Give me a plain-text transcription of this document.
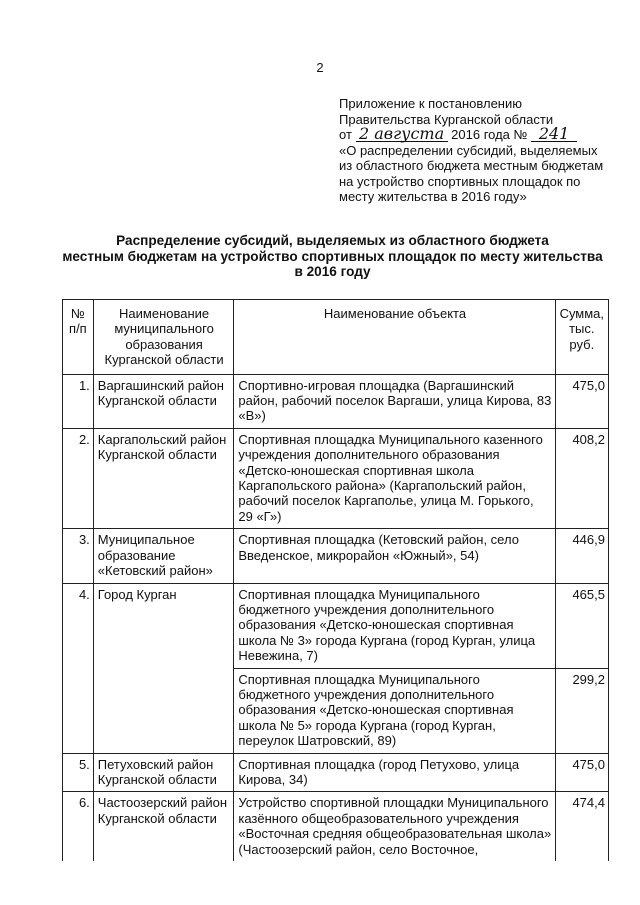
2
Приложение к постановлению
Правительства Курганской области
от 2 августа 2016 года № 241
«О распределении субсидий, выделяемых
из областного бюджета местным бюджетам
на устройство спортивных площадок по
месту жительства в 2016 году»
Распределение субсидий, выделяемых из областного бюджета
местным бюджетам на устройство спортивных площадок по месту жительства
в 2016 году
№ п/п	Наименование муниципального образования Курганской области	Наименование объекта	Сумма, тыс. руб.
1.	Варгашинский район Курганской области	Спортивно-игровая площадка (Варгашинский район, рабочий поселок Варгаши, улица Кирова, 83 «В»)	475,0
2.	Каргапольский район Курганской области	Спортивная площадка Муниципального казенного учреждения дополнительного образования «Детско-юношеская спортивная школа Каргапольского района» (Каргапольский район, рабочий поселок Каргаполье, улица М. Горького, 29 «Г»)	408,2
3.	Муниципальное образование «Кетовский район»	Спортивная площадка (Кетовский район, село Введенское, микрорайон «Южный», 54)	446,9
4.	Город Курган	Спортивная площадка Муниципального бюджетного учреждения дополнительного образования «Детско-юношеская спортивная школа № 3» города Кургана (город Курган, улица Невежина, 7)	465,5
		Спортивная площадка Муниципального бюджетного учреждения дополнительного образования «Детско-юношеская спортивная школа № 5» города Кургана (город Курган, переулок Шатровский, 89)	299,2
5.	Петуховский район Курганской области	Спортивная площадка (город Петухово, улица Кирова, 34)	475,0
6.	Частоозерский район Курганской области	Устройство спортивной площадки Муниципального казённого общеобразовательного учреждения «Восточная средняя общеобразовательная школа» (Частоозерский район, село Восточное,	474,4
